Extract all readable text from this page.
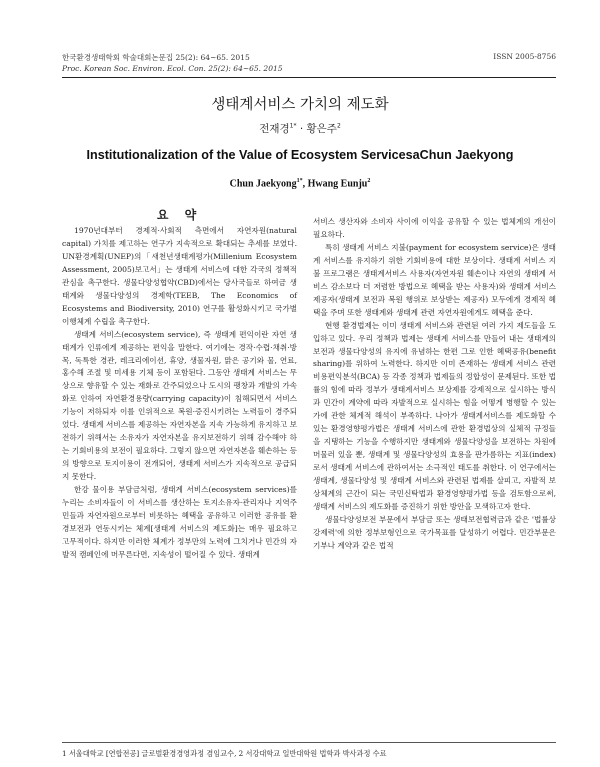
한국환경생태학회 학술대회논문집 25(2): 64~65. 2015
Proc. Korean Soc. Environ. Ecol. Con. 25(2): 64~65. 2015
ISSN 2005-8756
생태계서비스 가치의 제도화
전재경$^{1*}$ · 황은주$^2$
Institutionalization of the Value of Ecosystem ServicesaChun Jaekyong
Chun Jaekyong$^{1*}$, Hwang Eunju$^2$
요 약

1970년대부터 경제적·사회적 측면에서 자연자원(natural capital) 가치를 제고하는 연구가 지속적으로 확대되는 추세를 보였다. UN환경계획(UNEP)의「새천년생태계평가(Millenium Ecosystem Assessment, 2005)보고서」는 생태계 서비스에 대한 각국의 정책적 관심을 촉구한다. 생물다양성협약(CBD)에서는 당사국들로 하여금 생태계와 생물다양성의 경제학(TEEB, The Economics of Ecosystems and Biodiversity, 2010) 연구를 활성화시키고 국가별 이행체계 수립을 촉구한다.

생태계 서비스(ecosystem service), 즉 생태계 편익이란 자연 생태계가 인류에게 제공하는 편익을 말한다. 여기에는 경작·수렵·채취·방목, 독특한 경관, 레크리에이션, 휴양, 생물자원, 맑은 공기와 물, 연료, 홍수해 조절 및 미세용 기체 등이 포함된다. 그동안 생태계 서비스는 무상으로 향유할 수 있는 재화로 간주되었으나 도시의 팽창과 개발의 가속화로 인하여 자연환경용량(carrying capacity)이 침해되면서 서비스 기능이 저하되자 이를 인위적으로 복원·증진시키려는 노력들이 경주되었다. 생태계 서비스를 제공하는 자연자본을 지속 가능하게 유지하고 보전하기 위해서는 소유자가 자연자본을 유지보전하기 위해 감수해야 하는 기회비용의 보전이 필요하다. 그렇지 않으면 자연자본을 훼손하는 등의 방향으로 토지이용이 전개되어, 생태계 서비스가 지속적으로 공급되지 못한다.

한강 물이용 부담금처럼, 생태계 서비스(ecosystem services)를 누리는 소비자들이 이 서비스를 생산하는 토지소유자·관리자나 지역주민들과 자연자원으로부터 비롯하는 혜택을 공유하고 이러한 공유를 환경보전과 연동시키는 체계[생태계 서비스의 제도화]는 매우 필요하고 고무적이다. 하지만 이러한 체계가 정부만의 노력에 그치거나 민간의 자발적 캠페인에 머무른다면, 지속성이 떨어질 수 있다. 생태계

서비스 생산자와 소비자 사이에 이익을 공유할 수 있는 법체계의 개선이 필요하다.

특히 생태계 서비스 지불(payment for ecosystem service)은 생태계 서비스를 유지하기 위한 기회비용에 대한 보상이다. 생태계 서비스 지불 프로그램은 생태계서비스 사용자(자연자원 훼손이나 자연의 생태계 서비스 감소보다 더 저렴한 방법으로 혜택을 받는 사용자)와 생태계 서비스 제공자(생태계 보전과 복원 행위로 보상받는 제공자) 모두에게 경제적 혜택을 주며 또한 생태계와 생태계 관련 자연자원에게도 혜택을 준다.

현행 환경법제는 이미 생태계 서비스와 관련된 여러 가지 제도들을 도입하고 있다. 우리 정책과 법제는 생태계 서비스를 만들어 내는 생태계의 보전과 생물다양성의 유지에 유념하는 한편 그로 인한 혜택공유(benefit sharing)를 위하여 노력한다. 하지만 이미 존재하는 생태계 서비스 관련 비용편익분석(BCA) 등 각종 정책과 법제들의 정합성이 문제된다. 또한 법률의 힘에 따라 정부가 생태계서비스 보상제를 강제적으로 실시하는 방식과 민간이 계약에 따라 자발적으로 실시하는 힘을 어떻게 병행할 수 있는가에 관한 체계적 해석이 부족하다. 나아가 생태계서비스를 제도화할 수 있는 환경영향평가법은 생태계 서비스에 관한 환경법상의 실체적 규정들을 지탱하는 기능을 수행하지만 생태계와 생물다양성을 보전하는 차원에 머물러 있을 뿐, 생태계 및 생물다양성의 효용을 판가름하는 지표(index)로서 생태계 서비스에 관하여서는 소극적인 태도를 취한다. 이 연구에서는 생태계, 생물다양성 및 생태계 서비스와 관련된 법제를 살피고, 자발적 보상체계의 근간이 되는 국민신탁법과 환경영향평가법 등을 검토함으로써, 생태계 서비스의 제도화를 증진하기 위한 방안을 모색하고자 한다.

생물다양성보전 부문에서 부담금 또는 생태보전협력금과 같은 '법률상 강제력'에 의한 정부보형인으로 국가목표를 달성하기 어렵다. 민간부문은 기부나 계약과 같은 법적

1 서울대학교 [연합전공] 글로벌환경경영과정 겸임교수, 2 서강대학교 일반대학원 법학과 박사과정 수료
